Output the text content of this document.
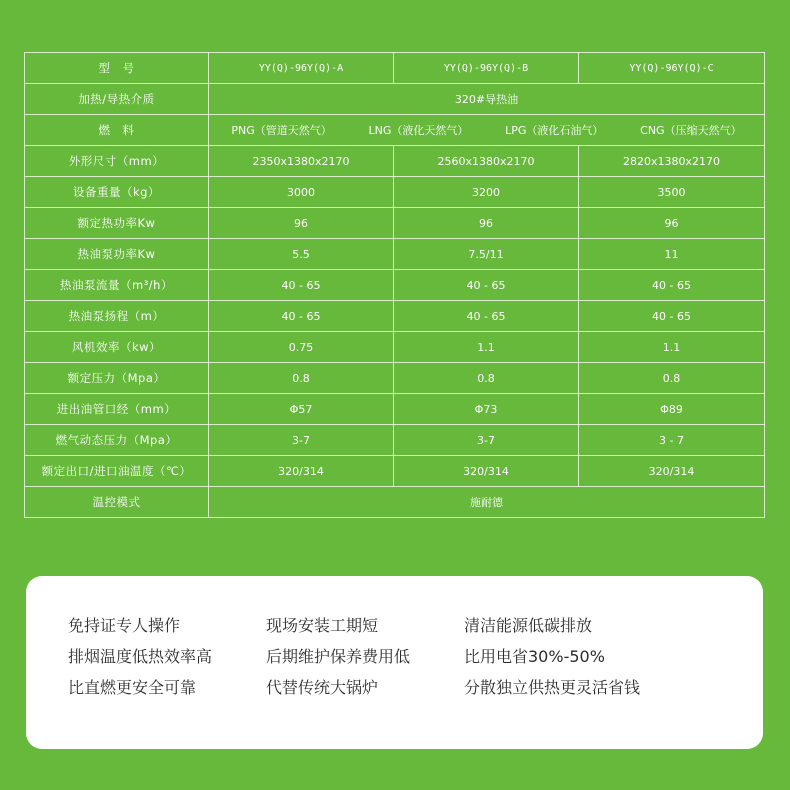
型　号	YY(Q)-96Y(Q)-A	YY(Q)-96Y(Q)-B	YY(Q)-96Y(Q)-C
加热/导热介质	320#导热油		
燃　料	PNG（管道天然气） LNG（液化天然气） LPG（液化石油气） CNG（压缩天然气）		

外形尺寸（mm）	2350x1380x2170	2560x1380x2170	2820x1380x2170
设备重量（kg）	3000	3200	3500
额定热功率Kw	96	96	96
热油泵功率Kw	5.5	7.5/11	11
热油泵流量（m³/h）	40 - 65	40 - 65	40 - 65
热油泵扬程（m）	40 - 65	40 - 65	40 - 65
风机效率（kw）	0.75	1.1	1.1
额定压力（Mpa）	0.8	0.8	0.8
进出油管口经（mm）	Φ57	Φ73	Φ89
燃气动态压力（Mpa）	3-7	3-7	3 - 7
额定出口/进口油温度（℃）	320/314	320/314	320/314
温控模式	施耐德		
免持证专人操作
排烟温度低热效率高
比直燃更安全可靠
现场安装工期短
后期维护保养费用低
代替传统大锅炉
清洁能源低碳排放
比用电省30%-50%
分散独立供热更灵活省钱
